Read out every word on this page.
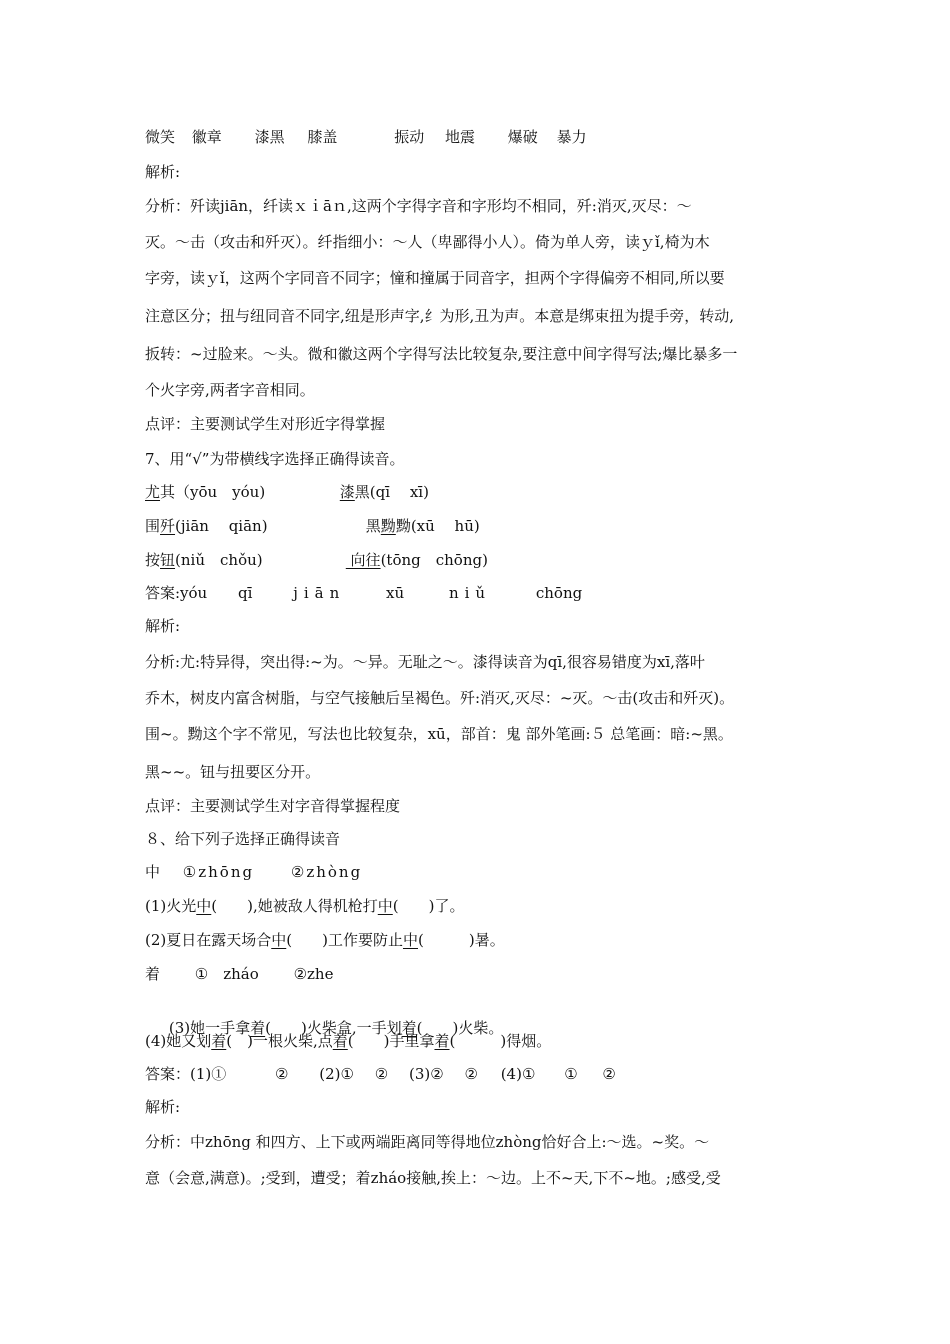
微笑 徽章 漆黑 膝盖	振动 地震 爆破 暴力
解析:
分析：歼读jiān，纤读ｘｉāｎ,这两个字得字音和字形均不相同，歼:消灭,灭尽：～
灭。～击（攻击和歼灭）。纤指细小：～人（卑鄙得小人）。倚为单人旁，读ｙǐ,椅为木
字旁，读ｙǐ，这两个字同音不同字；憧和撞属于同音字，担两个字得偏旁不相同,所以要
注意区分；扭与纽同音不同字,纽是形声字,纟为形,丑为声。本意是绑束扭为提手旁，转动,
扳转：~过脸来。～头。微和徽这两个字得写法比较复杂,要注意中间字得写法;爆比暴多一
个火字旁,两者字音相同。
点评：主要测试学生对形近字得掌握
7、用“√”为带横线字选择正确得读音。
尤其（yōu　yóu)	漆黑(qī　 xī)
围歼(jiān　 qiān)	黑黝黝(xū　 hū)
按钮(niǔ　chǒu)	向往(tōng　chōng)
答案:yóu qī	jiān	xū	niǔ	chōng
解析:
分析:尤:特异得，突出得:~为。～异。无耻之～。漆得读音为qī,很容易错度为xī,落叶
乔木，树皮内富含树脂，与空气接触后呈褐色。歼:消灭,灭尽：~灭。～击(攻击和歼灭)。
围~。黝这个字不常见，写法也比较复杂，xū，部首：鬼 部外笔画:５ 总笔画：暗:~黑。
黑~~。钮与扭要区分开。
点评：主要测试学生对字音得掌握程度
８、给下列子选择正确得读音
中 ①zhōng ②zhòng
(1)火光中(　　),她被敌人得机枪打中(　　)了。
(2)夏日在露天场合中(　　)工作要防止中(　　　)暑。
着 ①　zháo ②zhe

(3)她一手拿着(　　)火柴盒,一手划着(　　)火柴。

(4)她又划着(　)一根火柴,点着(　　)手里拿着(　　　)得烟。
答案：(1)①	② (2)① ② (3)② ② (4)① ① ②
解析:
分析：中zhōng 和四方、上下或两端距离同等得地位zhòng恰好合上:～选。~奖。～
意（会意,满意)。;受到，遭受；着zháo接触,挨上：～边。上不~天,下不~地。;感受,受
